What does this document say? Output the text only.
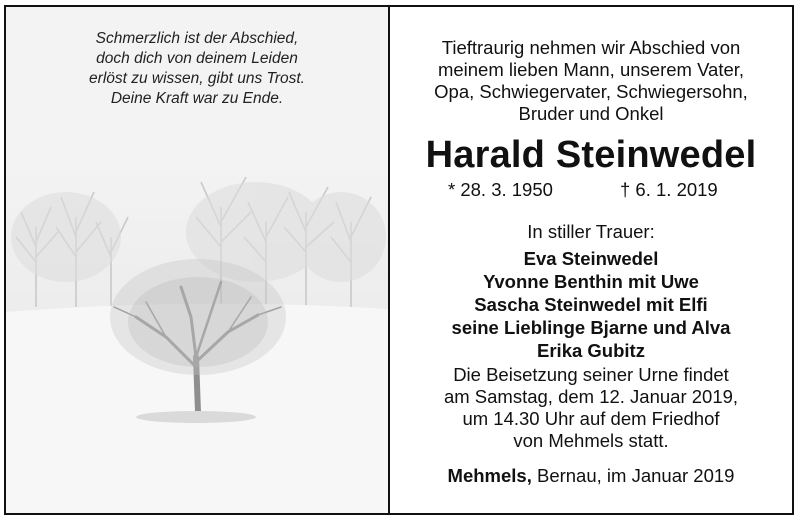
Schmerzlich ist der Abschied,
doch dich von deinem Leiden
erlöst zu wissen, gibt uns Trost.
Deine Kraft war zu Ende.
Tieftraurig nehmen wir Abschied von
meinem lieben Mann, unserem Vater,
Opa, Schwiegervater, Schwiegersohn,
Bruder und Onkel
Harald Steinwedel
* 28. 3. 1950	† 6. 1. 2019
In stiller Trauer:
Eva Steinwedel
Yvonne Benthin mit Uwe
Sascha Steinwedel mit Elfi
seine Lieblinge Bjarne und Alva
Erika Gubitz
Die Beisetzung seiner Urne findet
am Samstag, dem 12. Januar 2019,
um 14.30 Uhr auf dem Friedhof
von Mehmels statt.
Mehmels, Bernau, im Januar 2019
